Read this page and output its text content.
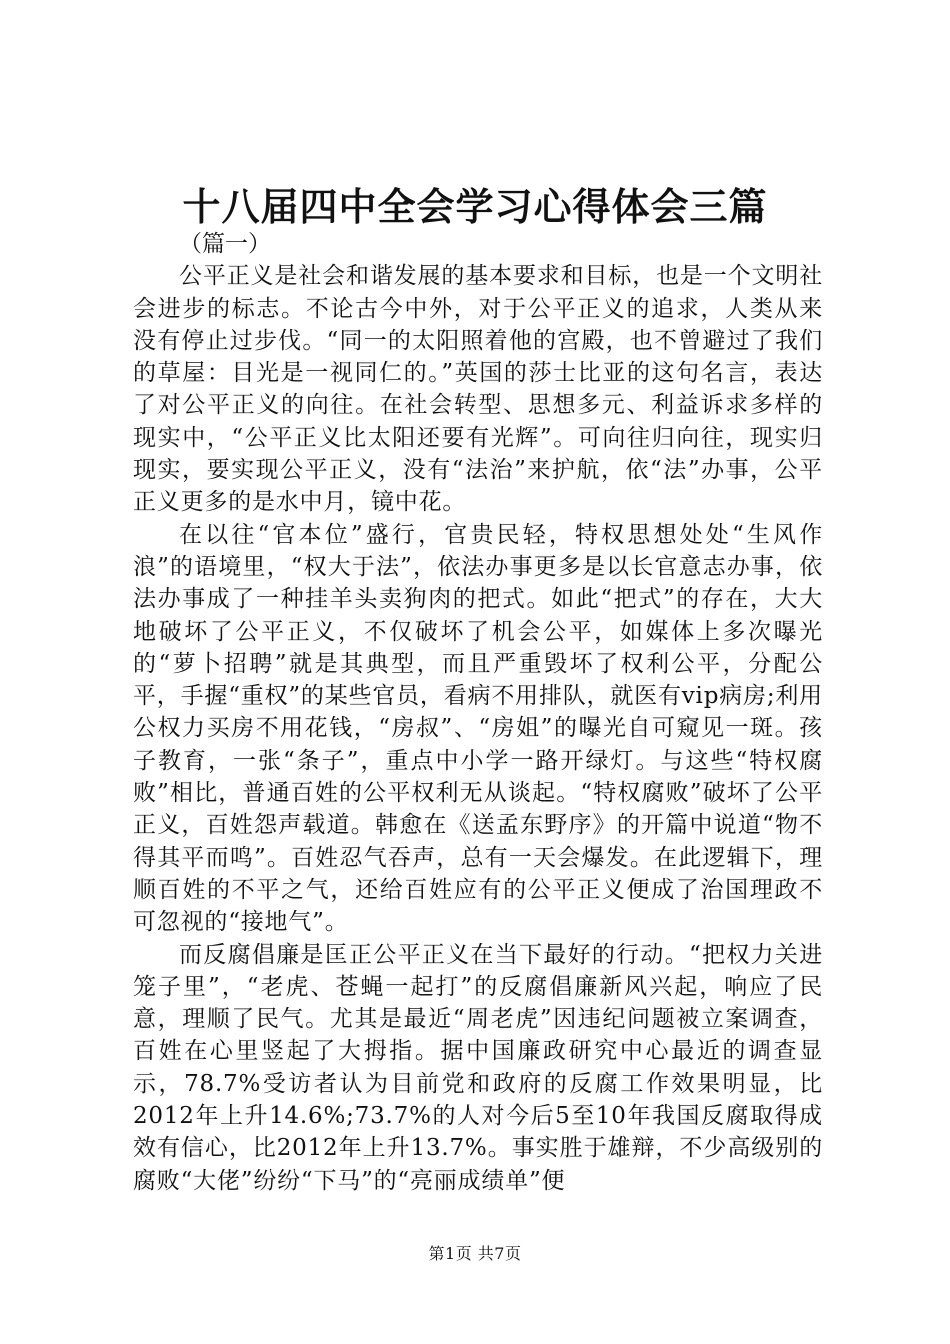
十八届四中全会学习心得体会三篇

（篇一）

公平正义是社会和谐发展的基本要求和目标，也是一个文明社会进步的标志。不论古今中外，对于公平正义的追求，人类从来没有停止过步伐。“同一的太阳照着他的宫殿，也不曾避过了我们的草屋：目光是一视同仁的。”英国的莎士比亚的这句名言，表达了对公平正义的向往。在社会转型、思想多元、利益诉求多样的现实中，“公平正义比太阳还要有光辉”。可向往归向往，现实归现实，要实现公平正义，没有“法治”来护航，依“法”办事，公平正义更多的是水中月，镜中花。

在以往“官本位”盛行，官贵民轻，特权思想处处“生风作浪”的语境里，“权大于法”，依法办事更多是以长官意志办事，依法办事成了一种挂羊头卖狗肉的把式。如此“把式”的存在，大大地破坏了公平正义，不仅破坏了机会公平，如媒体上多次曝光的“萝卜招聘”就是其典型，而且严重毁坏了权利公平，分配公平，手握“重权”的某些官员，看病不用排队，就医有vip病房;利用公权力买房不用花钱，“房叔”、“房姐”的曝光自可窥见一斑。孩子教育，一张“条子”，重点中小学一路开绿灯。与这些“特权腐败”相比，普通百姓的公平权利无从谈起。“特权腐败”破坏了公平正义，百姓怨声载道。韩愈在《送孟东野序》的开篇中说道“物不得其平而鸣”。百姓忍气吞声，总有一天会爆发。在此逻辑下，理顺百姓的不平之气，还给百姓应有的公平正义便成了治国理政不可忽视的“接地气”。

而反腐倡廉是匡正公平正义在当下最好的行动。“把权力关进笼子里”，“老虎、苍蝇一起打”的反腐倡廉新风兴起，响应了民意，理顺了民气。尤其是最近“周老虎”因违纪问题被立案调查，百姓在心里竖起了大拇指。据中国廉政研究中心最近的调查显示，78.7%受访者认为目前党和政府的反腐工作效果明显，比2012年上升14.6%;73.7%的人对今后5至10年我国反腐取得成效有信心，比2012年上升13.7%。事实胜于雄辩，不少高级别的腐败“大佬”纷纷“下马”的“亮丽成绩单”便

第1页 共7页
